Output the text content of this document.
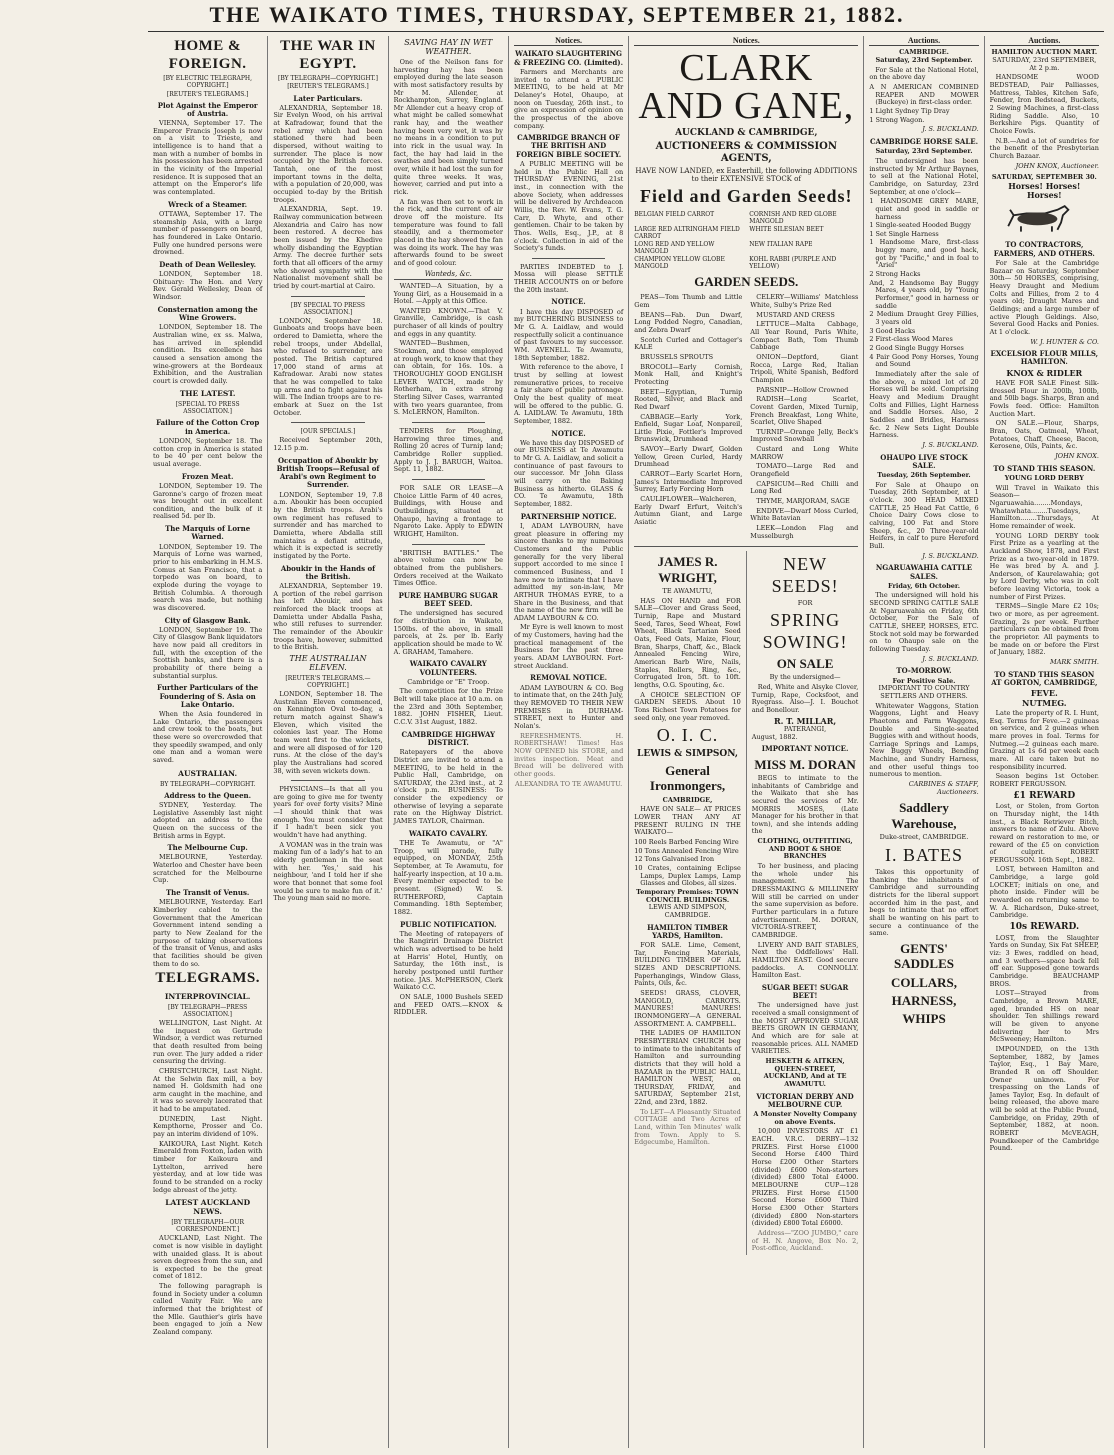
THE WAIKATO TIMES, THURSDAY, SEPTEMBER 21, 1882.
HOME & FOREIGN.
[BY ELECTRIC TELEGRAPH, COPYRIGHT.]
[REUTER'S TELEGRAMS.]
Plot Against the Emperor of Austria.

VIENNA, September 17. The Emperor Francis Joseph is now on a visit to Trieste, and intelligence is to hand that a man with a number of bombs in his possession has been arrested in the vicinity of the Imperial residence. It is supposed that an attempt on the Emperor's life was contemplated.

Wreck of a Steamer.

OTTAWA, September 17. The steamship Asia, with a large number of passengers on board, has foundered in Lake Ontario. Fully one hundred persons were drowned.

Death of Dean Wellesley.

LONDON, September 18. Obituary: The Hon. and Very Rev. Gerald Wellesley, Dean of Windsor.

Consternation among the Wine Growers.

LONDON, September 18. The Australian wine, ex ss. Malwa, has arrived in splendid condition. Its excellence has caused a sensation among the wine-growers at the Bordeaux Exhibition, and the Australian court is crowded daily.

THE LATEST.
[SPECIAL TO PRESS ASSOCIATION.]
Failure of the Cotton Crop in America.

LONDON, September 18. The cotton crop in America is stated to be 40 per cent below the usual average.

Frozen Meat.

LONDON, September 19. The Garonne's cargo of frozen meat was brought out in excellent condition, and the bulk of it realised 5d. per lb.

The Marquis of Lorne Warned.

LONDON, September 19. The Marquis of Lorne was warned, prior to his embarking in H.M.S. Comus at San Francisco, that a torpedo was on board, to explode during the voyage to British Columbia. A thorough search was made, but nothing was discovered.

City of Glasgow Bank.

LONDON, September 19. The City of Glasgow Bank liquidators have now paid all creditors in full, with the exception of the Scottish banks, and there is a probability of there being a substantial surplus.

Further Particulars of the Foundering of S. Asia on Lake Ontario.

When the Asia foundered in Lake Ontario, the passengers and crew took to the boats, but these were so overcrowded that they speedily swamped, and only one man and a woman were saved.

AUSTRALIAN.
BY TELEGRAPH—COPYRIGHT.
Address to the Queen.

SYDNEY, Yesterday. The Legislative Assembly last night adopted an address to the Queen on the success of the British arms in Egypt.

The Melbourne Cup.

MELBOURNE, Yesterday. Waterloo and Chester have been scratched for the Melbourne Cup.

The Transit of Venus.

MELBOURNE, Yesterday. Earl Kimberley cabled to the Government that the American Government intend sending a party to New Zealand for the purpose of taking observations of the transit of Venus, and asks that facilities should be given them to do so.

TELEGRAMS.
INTERPROVINCIAL.
[BY TELEGRAPH—PRESS ASSOCIATION.]

WELLINGTON, Last Night. At the inquest on Gertrude Windsor, a verdict was returned that death resulted from being run over. The jury added a rider censuring the driving.

CHRISTCHURCH, Last Night. At the Selwin flax mill, a boy named H. Goldsmith had one arm caught in the machine, and it was so severely lacerated that it had to be amputated.

DUNEDIN, Last Night. Kempthorne, Prosser and Co. pay an interim dividend of 10%.

KAIKOURA, Last Night. Ketch Emerald from Foxton, laden with timber for Kaikoura and Lyttelton, arrived here yesterday, and at low tide was found to be stranded on a rocky ledge abreast of the jetty.

LATEST AUCKLAND NEWS.
[BY TELEGRAPH—OUR CORRESPONDENT.]

AUCKLAND, Last Night. The comet is now visible in daylight with unaided glass. It is about seven degrees from the sun, and is expected to be the great comet of 1812.

The following paragraph is found in Society under a column called Vanity Fair. We are informed that the brightest of the Mlle. Gauthier's girls have been engaged to join a New Zealand company.

THE WAR IN EGYPT.
[BY TELEGRAPH—COPYRIGHT.]
[REUTER'S TELEGRAMS.]
Later Particulars.

ALEXANDRIA, September 18. Sir Evelyn Wood, on his arrival at Kafradowar, found that the rebel army which had been stationed there had been dispersed, without waiting to surrender. The place is now occupied by the British forces. Tantah, one of the most important towns in the delta, with a population of 20,000, was occupied to-day by the British troops.

ALEXANDRIA, Sept. 19. Railway communication between Alexandria and Cairo has now been restored. A decree has been issued by the Khedive wholly disbanding the Egyptian Army. The decree further sets forth that all officers of the army who showed sympathy with the Nationalist movement shall be tried by court-martial at Cairo.

[BY SPECIAL TO PRESS ASSOCIATION.]

LONDON, September 18. Gunboats and troops have been ordered to Damietta, where the rebel troops, under Abdellal, who refused to surrender, are posted. The British captured 17,000 stand of arms at Kafradowar. Arabi now states that he was compelled to take up arms and to fight against his will. The Indian troops are to re-embark at Suez on the 1st October.

[OUR SPECIALS.]

Received September 20th, 12.15 p.m.

Occupation of Aboukir by British Troops—Refusal of Arabi's own Regiment to Surrender.

LONDON, September 19, 7.8 a.m. Aboukir has been occupied by the British troops. Arabi's own regiment has refused to surrender and has marched to Damietta, where Abdalla still maintains a defiant attitude, which it is expected is secretly instigated by the Porte.

Aboukir in the Hands of the British.

ALEXANDRIA, September 19. A portion of the rebel garrison has left Aboukir, and has reinforced the black troops at Damietta under Abdalla Pasha, who still refuses to surrender. The remainder of the Aboukir troops have, however, submitted to the British.

THE AUSTRALIAN ELEVEN.
[REUTER'S TELEGRAMS.—COPYRIGHT.]

LONDON, September 18. The Australian Eleven commenced, on Kennington Oval to-day, a return match against Shaw's Eleven, which visited the colonies last year. The Home team went first to the wickets, and were all disposed of for 120 runs. At the close of the day's play the Australians had scored 38, with seven wickets down.

PHYSICIANS—Is that all you are going to give me for twenty years for over forty visits? Mine—I should think that was enough. You must consider that if I hadn't been sick you wouldn't have had anything.

A VOMAN was in the train was making fun of a lady's hat to an elderly gentleman in the seat with her. 'Yes,' said his neighbour, 'and I told her if she wore that bonnet that some fool would be sure to make fun of it.' The young man said no more.

SAVING HAY IN WET WEATHER.

One of the Neilson fans for harvesting hay has been employed during the late season with most satisfactory results by Mr M. Allender, at Rockhampton, Surrey, England. Mr Allender cut a heavy crop of what might be called somewhat rank hay, and the weather having been very wet, it was by no means in a condition to put into rick in the usual way. In fact, the hay had laid in the swathes and been simply turned over, while it had lost the sun for quite three weeks. It was, however, carried and put into a rick.

A fan was then set to work in the rick, and the current of air drove off the moisture. Its temperature was found to fall steadily, and a thermometer placed in the hay showed the fan was doing its work. The hay was afterwards found to be sweet and of good colour.

Wanteds, &c.

WANTED—A Situation, by a Young Girl, as a Housemaid in a Hotel. —Apply at this Office.

WANTED KNOWN.—That V. Granville, Cambridge, is cash purchaser of all kinds of poultry and eggs in any quantity.

WANTED—Bushmen, Stockmen, and those employed at rough work, to know that they can obtain, for 16s. 10s. a THOROUGHLY GOOD ENGLISH LEVER WATCH, made by Rotherham, in extra strong Sterling Silver Cases, warranted with two years guarantee, from S. McLERNON, Hamilton.

TENDERS for Ploughing, Harrowing three times, and Rolling 20 acres of Turnip land; Cambridge Roller supplied. Apply to J. J. BARUGH, Waitoa. Sept. 11, 1882.

FOR SALE OR LEASE—A Choice Little Farm of 40 acres, Buildings, with House and Outbuildings, situated at Ohaupo, having a frontage to Ngaroto Lake. Apply to EDWIN WRIGHT, Hamilton.

"BRITISH BATTLES." The above volume can now be obtained from the publishers. Orders received at the Waikato Times Office.

PURE HAMBURG SUGAR BEET SEED.

The undersigned has secured for distribution in Waikato, 150lbs. of the above, in small parcels, at 2s. per lb. Early application should be made to W. A. GRAHAM, Tamahere.

WAIKATO CAVALRY VOLUNTEERS.
Cambridge or "E" Troop.

The competition for the Prize Belt will take place at 10 a.m. on the 23rd and 30th September, 1882. JOHN FISHER, Lieut. C.C.V. 31st August, 1882.

CAMBRIDGE HIGHWAY DISTRICT.

Ratepayers of the above District are invited to attend a MEETING, to be held in the Public Hall, Cambridge, on SATURDAY, the 23rd inst., at 2 o'clock p.m. BUSINESS: To consider the expediency or otherwise of levying a separate rate on the Highway District. JAMES TAYLOR, Chairman.

WAIKATO CAVALRY.

THE Te Awamutu, or "A" Troop, will parade, fully equipped, on MONDAY, 25th September, at Te Awamutu, for half-yearly inspection, at 10 a.m. Every member expected to be present. (Signed) W. S. RUTHERFORD, Captain Commanding. 18th September, 1882.

PUBLIC NOTIFICATION.

The Meeting of ratepayers of the Rangiriri Drainage District which was advertised to be held at Harris' Hotel, Huntly, on Saturday, the 16th inst., is hereby postponed until further notice. JAS. McPHERSON, Clerk Waikato C.C.

ON SALE, 1000 Bushels SEED and FEED OATS.—KNOX & RIDDLER.

Notices.
WAIKATO SLAUGHTERING & FREEZING CO. (Limited).

Farmers and Merchants are invited to attend a PUBLIC MEETING, to be held at Mr Delaney's Hotel, Ohaupo, at noon on Tuesday, 26th inst., to give an expression of opinion on the prospectus of the above company.

CAMBRIDGE BRANCH OF THE BRITISH AND FOREIGN BIBLE SOCIETY.

A PUBLIC MEETING will be held in the Public Hall on THURSDAY EVENING, 21st inst., in connection with the above Society, when addresses will be delivered by Archdeacon Willis, the Rev. W. Evans, T. G. Carr, D. Whyte, and other gentlemen. Chair to be taken by Thos. Wells, Esq., J.P., at 8 o'clock. Collection in aid of the Society's funds.

PARTIES INDEBTED to J. Mossa will please SETTLE THEIR ACCOUNTS on or before the 20th instant.

NOTICE.

I have this day DISPOSED of my BUTCHERING BUSINESS to Mr G. A. Laidlaw, and would respectfully solicit a continuance of past favours to my successor. WM. AVENELL. Te Awamutu, 18th September, 1882.

With reference to the above, I trust by selling at lowest remunerative prices, to receive a fair share of public patronage. Only the best quality of meat will be offered to the public. G. A. LAIDLAW. Te Awamutu, 18th September, 1882.

NOTICE.

We have this day DISPOSED of our BUSINESS at Te Awamutu to Mr G. A. Laidlaw, and solicit a continuance of past favours to our successor. Mr John Glass will carry on the Baking Business as hitherto. GLASS & CO. Te Awamutu, 18th September, 1882.

PARTNERSHIP NOTICE.

I, ADAM LAYBOURN, have great pleasure in offering my sincere thanks to my numerous Customers and the Public generally for the very liberal support accorded to me since I commenced Business, and I have now to intimate that I have admitted my son-in-law, Mr ARTHUR THOMAS EYRE, to a Share in the Business, and that the name of the new firm will be ADAM LAYBOURN & CO.

Mr Eyre is well known to most of my Customers, having had the practical management of the Business for the past three years. ADAM LAYBOURN. Fort-street Auckland.

REMOVAL NOTICE.

ADAM LAYBOURN & CO. Beg to intimate that, on the 24th July, they REMOVED TO THEIR NEW PREMISES in DURHAM-STREET, next to Hunter and Nolan's.

REFRESHMENTS. H. ROBERTSHAW! Times! Has NOW OPENED his STORE, and invites inspection. Meat and Bread will be delivered with other goods.

ALEXANDRA TO TE AWAMUTU.
Notices.
CLARK AND GANE,
AUCKLAND & CAMBRIDGE,
AUCTIONEERS & COMMISSION AGENTS,
HAVE NOW LANDED, ex Easterhill, the following ADDITIONS to their EXTENSIVE STOCK of
Field and Garden Seeds!
BELGIAN FIELD CARROT	CORNISH AND RED GLOBE MANGOLD
LARGE RED ALTRINGHAM FIELD CARROT
WHITE SILESIAN BEET
LONG RED AND YELLOW MANGOLD
NEW ITALIAN RAPE
CHAMPION YELLOW GLOBE MANGOLD
KOHL RABBI (PURPLE AND YELLOW)
GARDEN SEEDS.

PEAS—Tom Thumb and Little Gem

BEANS—Fab. Dun Dwarf, Long Podded Negro, Canadian, and Zebra Dwarf

Scotch Curled and Cottager's KALE

BRUSSELS SPROUTS

BROCOLI—Early Cornish, Monk Hall, and Knight's Protecting

BEET—Egyptian, Turnip Rooted, Silver, and Black and Red Dwarf

CABBAGE—Early York, Enfield, Sugar Loaf, Nonpareil, Little Pixie, Fottler's Improved Brunswick, Drumhead

SAVOY—Early Dwarf, Golden Yellow, Green Curled, Hardy Drumhead

CARROT—Early Scarlet Horn, James's Intermediate Improved Surrey, Early Forcing Horn

CAULIFLOWER—Walcheren, Early Dwarf Erfurt, Veitch's Autumn Giant, and Large Asiatic

CELERY—Williams' Matchless White, Sulby's Prize Red

MUSTARD AND CRESS

LETTUCE—Malta Cabbage, All Year Round, Paris White, Compact Bath, Tom Thumb Cabbage

ONION—Deptford, Giant Rocca, Large Red, Italian Tripoli, White Spanish, Bedford Champion

PARSNIP—Hollow Crowned

RADISH—Long Scarlet, Covent Garden, Mixed Turnip, French Breakfast, Long White, Scarlet, Olive Shaped

TURNIP—Orange Jelly, Beck's Improved Snowball

Custard and Long White MARROW

TOMATO—Large Red and Orangefield

CAPSICUM—Red Chilli and Long Red

THYME, MARJORAM, SAGE

ENDIVE—Dwarf Moss Curled, White Batavian

LEEK—London Flag and Musselburgh

JAMES R. WRIGHT,
TE AWAMUTU,

HAS ON HAND and FOR SALE—Clover and Grass Seed, Turnip, Rape and Mustard Seed, Tares, Seed Wheat, Fowl Wheat, Black Tartarian Seed Oats, Feed Oats, Maize, Flour, Bran, Sharps, Chaff, &c., Black Annealed Fencing Wire, American Barb Wire, Nails, Staples, Rollers, Ring, &c., Corrugated Iron, 5ft. to 10ft. lengths, O.G. Spouting, &c.

A CHOICE SELECTION OF GARDEN SEEDS. About 10 Tons Richest Town Potatoes for seed only, one year removed.

O. I. C.
LEWIS & SIMPSON,
General Ironmongers,
CAMBRIDGE,

HAVE ON SALE— AT PRICES LOWER THAN ANY AT PRESENT RULING IN THE WAIKATO—

100 Reels Barbed Fencing Wire

10 Tons Annealed Fencing Wire

12 Tons Galvanised Iron

10 Crates, containing Eclipse Lamps, Duplex Lamps, Lamp Glasses and Globes, all sizes.

Temporary Premises: TOWN COUNCIL BUILDINGS.
LEWIS AND SIMPSON, CAMBRIDGE.
HAMILTON TIMBER YARDS, Hamilton.

FOR SALE. Lime, Cement, Tar, Fencing Materials, BUILDING TIMBER OF ALL SIZES AND DESCRIPTIONS. Paperhangings, Window Glass, Paints, Oils, &c.

SEEDS! GRASS, CLOVER, MANGOLD, CARROTS. MANURES! MANURES! IRONMONGERY—A GENERAL ASSORTMENT. A. CAMPBELL.

THE LADIES OF HAMILTON PRESBYTERIAN CHURCH beg to intimate to the inhabitants of Hamilton and surrounding districts that they will hold a BAZAAR in the PUBLIC HALL, HAMILTON WEST, on THURSDAY, FRIDAY, and SATURDAY, September 21st, 22nd, and 23rd, 1882.

To LET—A Pleasantly Situated COTTAGE and Two Acres of Land, within Ten Minutes' walk from Town. Apply to S. Edgecumbe, Hamilton.

NEW SEEDS!
FOR
SPRING SOWING!
ON SALE
By the undersigned—

Red, White and Alsyke Clover, Turnip, Rape, Cocksfoot, and Ryegrass. Also—J. I. Bouchot and Bonellour.

R. T. MILLAR,
PATERANGI,
August, 1882.
IMPORTANT NOTICE.
MISS M. DORAN

BEGS to intimate to the inhabitants of Cambridge and the Waikato that she has secured the services of Mr. MORRIS MOSES, (Late Manager for his brother in that town), and she intends adding the

CLOTHING, OUTFITTING, AND BOOT & SHOE BRANCHES

To her business, and placing the whole under his management. The DRESSMAKING & MILLINERY Will still be carried on under the same supervision as before. Further particulars in a future advertisement. M. DORAN, VICTORIA-STREET, CAMBRIDGE.

LIVERY AND BAIT STABLES, Next the Oddfellows' Hall. HAMILTON EAST. Good secure paddocks. A. CONNOLLY. Hamilton East.

SUGAR BEET! SUGAR BEET!

The undersigned have just received a small consignment of the MOST APPROVED SUGAR BEETS GROWN IN GERMANY, And which are for sale at reasonable prices. ALL NAMED VARIETIES.

HESKETH & AITKEN, QUEEN-STREET, AUCKLAND, And at TE AWAMUTU.
VICTORIAN DERBY AND MELBOURNE CUP.
A Monster Novelty Company on above Events.

10,000 INVESTORS AT £1 EACH. V.R.C. DERBY—132 PRIZES. First Horse £1000 Second Horse £400 Third Horse £200 Other Starters (divided) £600 Non-starters (divided) £800 Total £4000. MELBOURNE CUP—128 PRIZES. First Horse £1500 Second Horse £600 Third Horse £300 Other Starters (divided) £800 Non-starters (divided) £800 Total £6000.

Address—"ZOO JUMBO," care of H. N. Angove, Box No. 2, Post-office, Auckland.

Auctions.
CAMBRIDGE.
Saturday, 23rd September.

For Sale at the National Hotel, on the above day

A N AMERICAN COMBINED REAPER AND MOWER (Buckeye) in first-class order.

1 Light Sydney Tip Dray

1 Strong Wagon.

J. S. BUCKLAND.
CAMBRIDGE HORSE SALE.
Saturday, 23rd September.

The undersigned has been instructed by Mr Arthur Baynes, to sell at the National Hotel, Cambridge, on Saturday, 23rd September, at one o'clock—

1 HANDSOME GREY MARE, quiet and good in saddle or harness

1 Single-seated Hooded Buggy

1 Set Single Harness

1 Handsome Mare, first-class buggy mare, and good hack, got by "Pacific," and in foal to "Ariel"

2 Strong Hacks

And, 2 Handsome Bay Buggy Mares, 4 years old, by "Young Performer," good in harness or saddle

2 Medium Draught Grey Fillies, 3 years old

3 Good Hacks

2 First-class Wood Mares

2 Good Single Buggy Horses

4 Pair Good Pony Horses, Young and Sound

Immediately after the sale of the above, a mixed lot of 20 Horses will be sold. Comprising Heavy and Medium Draught Colts and Fillies, Light Harness and Saddle Horses. Also, 2 Saddles and Bridles, Harness &c. 2 New Sets Light Double Harness.

J. S. BUCKLAND.
OHAUPO LIVE STOCK SALE.
Tuesday, 26th September.

For Sale at Ohaupo on Tuesday, 26th September, at 1 o'clock. 300 HEAD MIXED CATTLE, 25 Head Fat Cattle, 6 Choice Dairy Cows close to calving, 100 Fat and Store Sheep, &c., 20 Three-year-old Heifers, in calf to pure Hereford Bull.

J. S. BUCKLAND.
NGARUAWAHIA CATTLE SALES.
Friday, 6th October.

The undersigned will hold his SECOND SPRING CATTLE SALE At Ngaruawahia on Friday, 6th October, For the Sale of CATTLE, SHEEP, HORSES, ETC. Stock not sold may be forwarded on to Ohaupo sale on the following Tuesday.

J. S. BUCKLAND.
TO-MORROW.
For Positive Sale.
IMPORTANT TO COUNTRY SETTLERS AND OTHERS.

Whitewater Waggons, Station Waggons, Light and Heavy Phaetons and Farm Waggons, Double and Single-seated Buggies with and without hoods, Carriage Springs and Lamps, New Buggy Wheels, Bending Machine, and Sundry Harness, and other useful things too numerous to mention.

CARBINES & STAFF, Auctioneers.
Saddlery Warehouse,
Duke-street, CAMBRIDGE.
I. BATES

Takes this opportunity of thanking the inhabitants of Cambridge and surrounding districts for the liberal support accorded him in the past, and begs to intimate that no effort shall be wanting on his part to secure a continuance of the same.

GENTS' SADDLES
COLLARS,
HARNESS,
WHIPS
Auctions.
HAMILTON AUCTION MART.
SATURDAY, 23rd SEPTEMBER, At 2 p.m.

HANDSOME WOOD BEDSTEAD, Pair Palliasses, Mattress, Tables, Kitchen Safe, Fender, Iron Bedstead, Buckets, 2 Sewing Machines, a first-class Riding Saddle. Also, 10 Berkshire Pigs. Quantity of Choice Fowls.

N.B.—And a lot of sundries for the benefit of the Presbyterian Church Bazaar.

JOHN KNOX, Auctioneer.
SATURDAY, SEPTEMBER 30.
Horses! Horses! Horses!
TO CONTRACTORS, FARMERS, AND OTHERS.

For Sale at the Cambridge Bazaar on Saturday, September 30th— 50 HORSES, comprising, Heavy Draught and Medium Colts and Fillies, from 2 to 4 years old; Draught Mares and Geldings; and a large number of active Plough Geldings. Also, Several Good Hacks and Ponies. At 1 o'clock.

W. J. HUNTER & CO.
EXCELSIOR FLOUR MILLS, HAMILTON.
KNOX & RIDLER

HAVE FOR SALE Finest Silk-dressed Flour in 200lb, 100lb, and 50lb bags. Sharps, Bran and Fowls feed. Office: Hamilton Auction Mart.

ON SALE.—Flour, Sharps, Bran, Oats, Oatmeal, Wheat, Potatoes, Chaff, Cheese, Bacon, Kerosene, Oils, Paints, &c.

JOHN KNOX.
TO STAND THIS SEASON.
YOUNG LORD DERBY

Will Travel in Waikato this Season— Ngaruawahia........Mondays, Whatawhata........Tuesdays, Hamilton........Thursdays, At Home remainder of week.

YOUNG LORD DERBY took First Prize as a yearling at the Auckland Show, 1878, and First Prize as a two-year-old in 1879. He was bred by A. and J. Anderson, of Kaurelawahia; got by Lord Derby, who was in colt before leaving Victoria, took a number of First Prizes.

TERMS—Single Mare £2 10s; two or more, as per agreement. Grazing, 2s per week. Further particulars can be obtained from the proprietor. All payments to be made on or before the First of January, 1882.

MARK SMITH.
TO STAND THIS SEASON AT GORTON, CAMBRIDGE,
FEVE.
NUTMEG.

Late the property of R. I. Hunt, Esq. Terms for Feve.—2 guineas on service, and 2 guineas when mare proves in foal. Terms for Nutmeg.—2 guineas each mare. Grazing at 1s 6d per week each mare. All care taken but no responsibility incurred.

Season begins 1st October. ROBERT FERGUSSON.

£1 REWARD

Lost, or Stolen, from Gorton on Thursday night, the 14th inst., a Black Retriever Bitch, answers to name of Zulu. Above reward on restoration to me, or reward of the £5 on conviction of culprit. ROBERT FERGUSSON. 16th Sept., 1882.

LOST, between Hamilton and Cambridge, a large gold LOCKET; initials on one, and photo inside. Finder will be rewarded on returning same to W. A. Richardson, Duke-street, Cambridge.

10s REWARD.

LOST, from the Slaughter Yards on Sunday, Six Fat SHEEP, viz: 3 Ewes, raddled on head, and 3 wethers—space back fell off ear. Supposed gone towards Cambridge. BEAUCHAMP BROS.

LOST—Strayed from Cambridge, a Brown MARE, aged, branded HS on near shoulder. Ten shillings reward will be given to anyone delivering her to Mrs McSweeney; Hamilton.

IMPOUNDED, on the 13th September, 1882, by James Taylor, Esq., 1 Bay Mare, Branded R on off Shoulder. Owner unknown. For trespassing on the Lands of James Taylor, Esq. In default of being released, the above mare will be sold at the Public Pound, Cambridge, on Friday, 29th of September, 1882, at noon. ROBERT McVEAGH, Poundkeeper of the Cambridge Pound.
